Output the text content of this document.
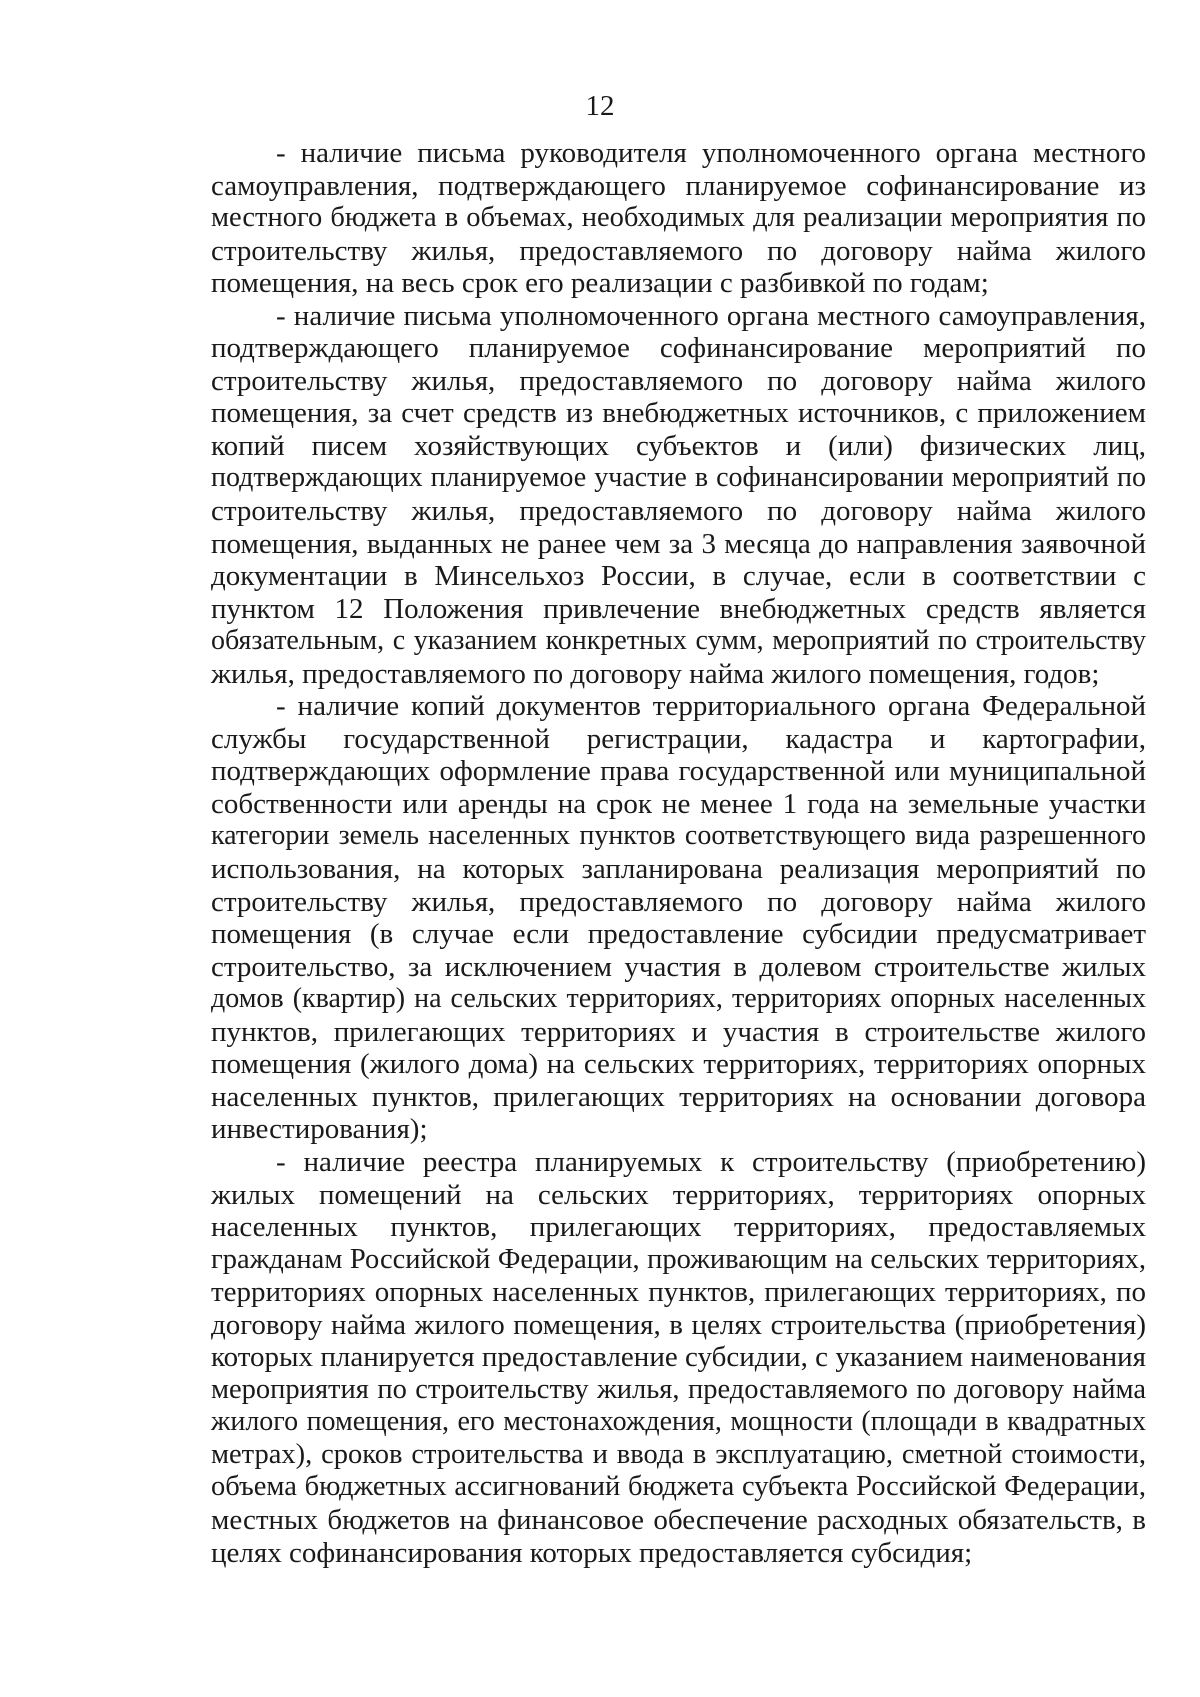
12
- наличие письма руководителя уполномоченного органа местного
самоуправления, подтверждающего планируемое софинансирование из
местного бюджета в объемах, необходимых для реализации мероприятия по
строительству жилья, предоставляемого по договору найма жилого
помещения, на весь срок его реализации с разбивкой по годам;
- наличие письма уполномоченного органа местного самоуправления,
подтверждающего планируемое софинансирование мероприятий по
строительству жилья, предоставляемого по договору найма жилого
помещения, за счет средств из внебюджетных источников, с приложением
копий писем хозяйствующих субъектов и (или) физических лиц,
подтверждающих планируемое участие в софинансировании мероприятий по
строительству жилья, предоставляемого по договору найма жилого
помещения, выданных не ранее чем за 3 месяца до направления заявочной
документации в Минсельхоз России, в случае, если в соответствии с
пунктом 12 Положения привлечение внебюджетных средств является
обязательным, с указанием конкретных сумм, мероприятий по строительству
жилья, предоставляемого по договору найма жилого помещения, годов;
- наличие копий документов территориального органа Федеральной
службы государственной регистрации, кадастра и картографии,
подтверждающих оформление права государственной или муниципальной
собственности или аренды на срок не менее 1 года на земельные участки
категории земель населенных пунктов соответствующего вида разрешенного
использования, на которых запланирована реализация мероприятий по
строительству жилья, предоставляемого по договору найма жилого
помещения (в случае если предоставление субсидии предусматривает
строительство, за исключением участия в долевом строительстве жилых
домов (квартир) на сельских территориях, территориях опорных населенных
пунктов, прилегающих территориях и участия в строительстве жилого
помещения (жилого дома) на сельских территориях, территориях опорных
населенных пунктов, прилегающих территориях на основании договора
инвестирования);
- наличие реестра планируемых к строительству (приобретению)
жилых помещений на сельских территориях, территориях опорных
населенных пунктов, прилегающих территориях, предоставляемых
гражданам Российской Федерации, проживающим на сельских территориях,
территориях опорных населенных пунктов, прилегающих территориях, по
договору найма жилого помещения, в целях строительства (приобретения)
которых планируется предоставление субсидии, с указанием наименования
мероприятия по строительству жилья, предоставляемого по договору найма
жилого помещения, его местонахождения, мощности (площади в квадратных
метрах), сроков строительства и ввода в эксплуатацию, сметной стоимости,
объема бюджетных ассигнований бюджета субъекта Российской Федерации,
местных бюджетов на финансовое обеспечение расходных обязательств, в
целях софинансирования которых предоставляется субсидия;
